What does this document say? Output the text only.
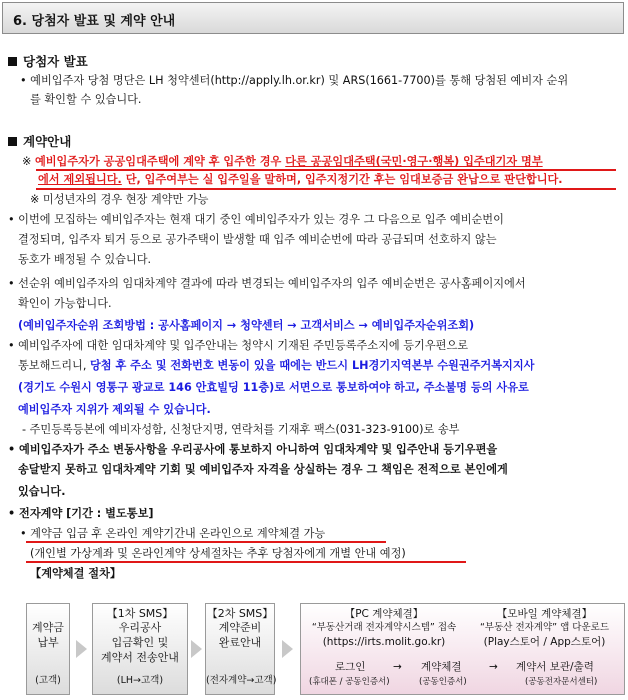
6. 당첨자 발표 및 계약 안내
당첨자 발표
• 예비입주자 당첨 명단은 LH 청약센터(http://apply.lh.or.kr) 및 ARS(1661-7700)를 통해 당첨된 예비자 순위
를 확인할 수 있습니다.
계약안내
※ 예비입주자가 공공임대주택에 계약 후 입주한 경우 다른 공공임대주택(국민·영구·행복) 입주대기자 명부
에서 제외됩니다. 단, 입주여부는 실 입주일을 말하며, 입주지정기간 후는 임대보증금 완납으로 판단합니다.
※ 미성년자의 경우 현장 계약만 가능
• 이번에 모집하는 예비입주자는 현재 대기 중인 예비입주자가 있는 경우 그 다음으로 입주 예비순번이
결정되며, 입주자 퇴거 등으로 공가주택이 발생할 때 입주 예비순번에 따라 공급되며 선호하지 않는
동호가 배정될 수 있습니다.
• 선순위 예비입주자의 임대차계약 결과에 따라 변경되는 예비입주자의 입주 예비순번은 공사홈페이지에서
확인이 가능합니다.
(예비입주자순위 조회방법 : 공사홈페이지 → 청약센터 → 고객서비스 → 예비입주자순위조회)
• 예비입주자에 대한 임대차계약 및 입주안내는 청약시 기재된 주민등록주소지에 등기우편으로
통보해드리니, 당첨 후 주소 및 전화번호 변동이 있을 때에는 반드시 LH경기지역본부 수원권주거복지지사
(경기도 수원시 영통구 광교로 146 안효빌딩 11층)로 서면으로 통보하여야 하고, 주소불명 등의 사유로
예비입주자 지위가 제외될 수 있습니다.
- 주민등록등본에 예비자성함, 신청단지명, 연락처를 기재후 팩스(031-323-9100)로 송부
• 예비입주자가 주소 변동사항을 우리공사에 통보하지 아니하여 임대차계약 및 입주안내 등기우편을
송달받지 못하고 임대차계약 기회 및 예비입주자 자격을 상실하는 경우 그 책임은 전적으로 본인에게
있습니다.
• 전자계약 [기간 : 별도통보]
• 계약금 입금 후 온라인 계약기간내 온라인으로 계약체결 가능
(개인별 가상계좌 및 온라인계약 상세절차는 추후 당첨자에게 개별 안내 예정)
【계약체결 절차】
계약금
납부
(고객)
【1차 SMS】
우리공사
입금확인 및
계약서 전송안내
(LH→고객)
【2차 SMS】
계약준비
완료안내
(전자계약→고객)
【PC 계약체결】
“부동산거래 전자계약시스템” 접속
(https://irts.molit.go.kr)
【모바일 계약체결】
“부동산 전자계약” 앱 다운로드
(Play스토어 / App스토어)
로그인	→ 계약체결	→ 계약서 보관/출력
(휴대폰 / 공동인증서)	(공동인증서)	(공동전자문서센터)
